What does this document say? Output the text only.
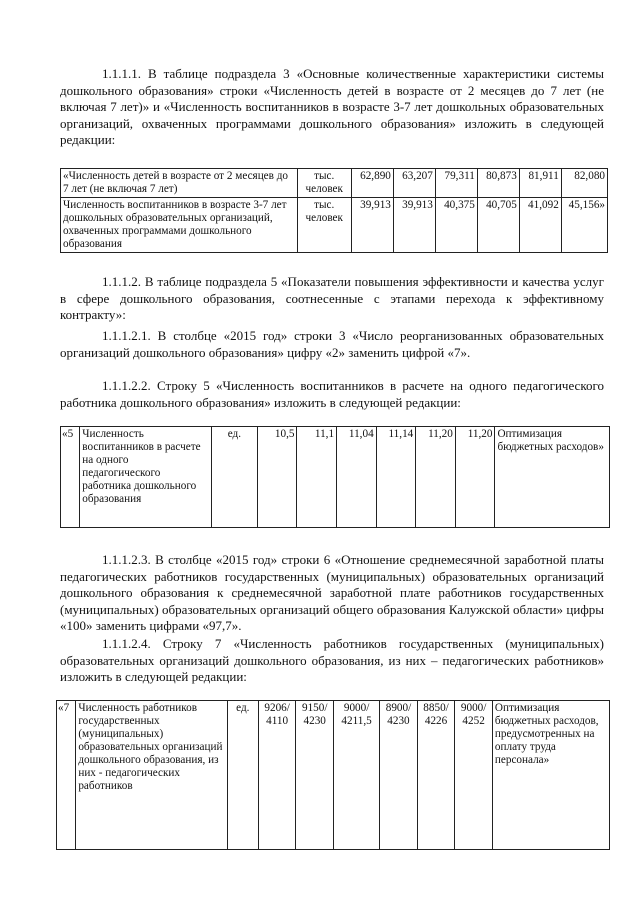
1.1.1.1. В таблице подраздела 3 «Основные количественные характеристики системы дошкольного образования» строки «Численность детей в возрасте от 2 месяцев до 7 лет (не включая 7 лет)» и «Численность воспитанников в возрасте 3-7 лет дошкольных образовательных организаций, охваченных программами дошкольного образования» изложить в следующей редакции:

«Численность детей в возрасте от 2 месяцев до 7 лет (не включая 7 лет)	тыс. человек	62,890	63,207	79,311	80,873	81,911	82,080
Численность воспитанников в возрасте 3-7 лет дошкольных образовательных организаций, охваченных программами дошкольного образования	тыс. человек	39,913	39,913	40,375	40,705	41,092	45,156»

1.1.1.2. В таблице подраздела 5 «Показатели повышения эффективности и качества услуг в сфере дошкольного образования, соотнесенные с этапами перехода к эффективному контракту»:

1.1.1.2.1. В столбце «2015 год» строки 3 «Число реорганизованных образовательных организаций дошкольного образования» цифру «2» заменить цифрой «7».

1.1.1.2.2. Строку 5 «Численность воспитанников в расчете на одного педагогического работника дошкольного образования» изложить в следующей редакции:

«5	Численность воспитанников в расчете на одного педагогического работника дошкольного образования	ед.	10,5	11,1	11,04	11,14	11,20	11,20	Оптимизация бюджетных расходов»

1.1.1.2.3. В столбце «2015 год» строки 6 «Отношение среднемесячной заработной платы педагогических работников государственных (муниципальных) образовательных организаций дошкольного образования к среднемесячной заработной плате работников государственных (муниципальных) образовательных организаций общего образования Калужской области» цифры «100» заменить цифрами «97,7».

1.1.1.2.4. Строку 7 «Численность работников государственных (муниципальных) образовательных организаций дошкольного образования, из них – педагогических работников» изложить в следующей редакции:

«7	Численность работников государственных (муниципальных) образовательных организаций дошкольного образования, из них - педагогических работников	ед.	9206/ 4110	9150/ 4230	9000/ 4211,5	8900/ 4230	8850/ 4226	9000/ 4252	Оптимизация бюджетных расходов, предусмотренных на оплату труда персонала»
